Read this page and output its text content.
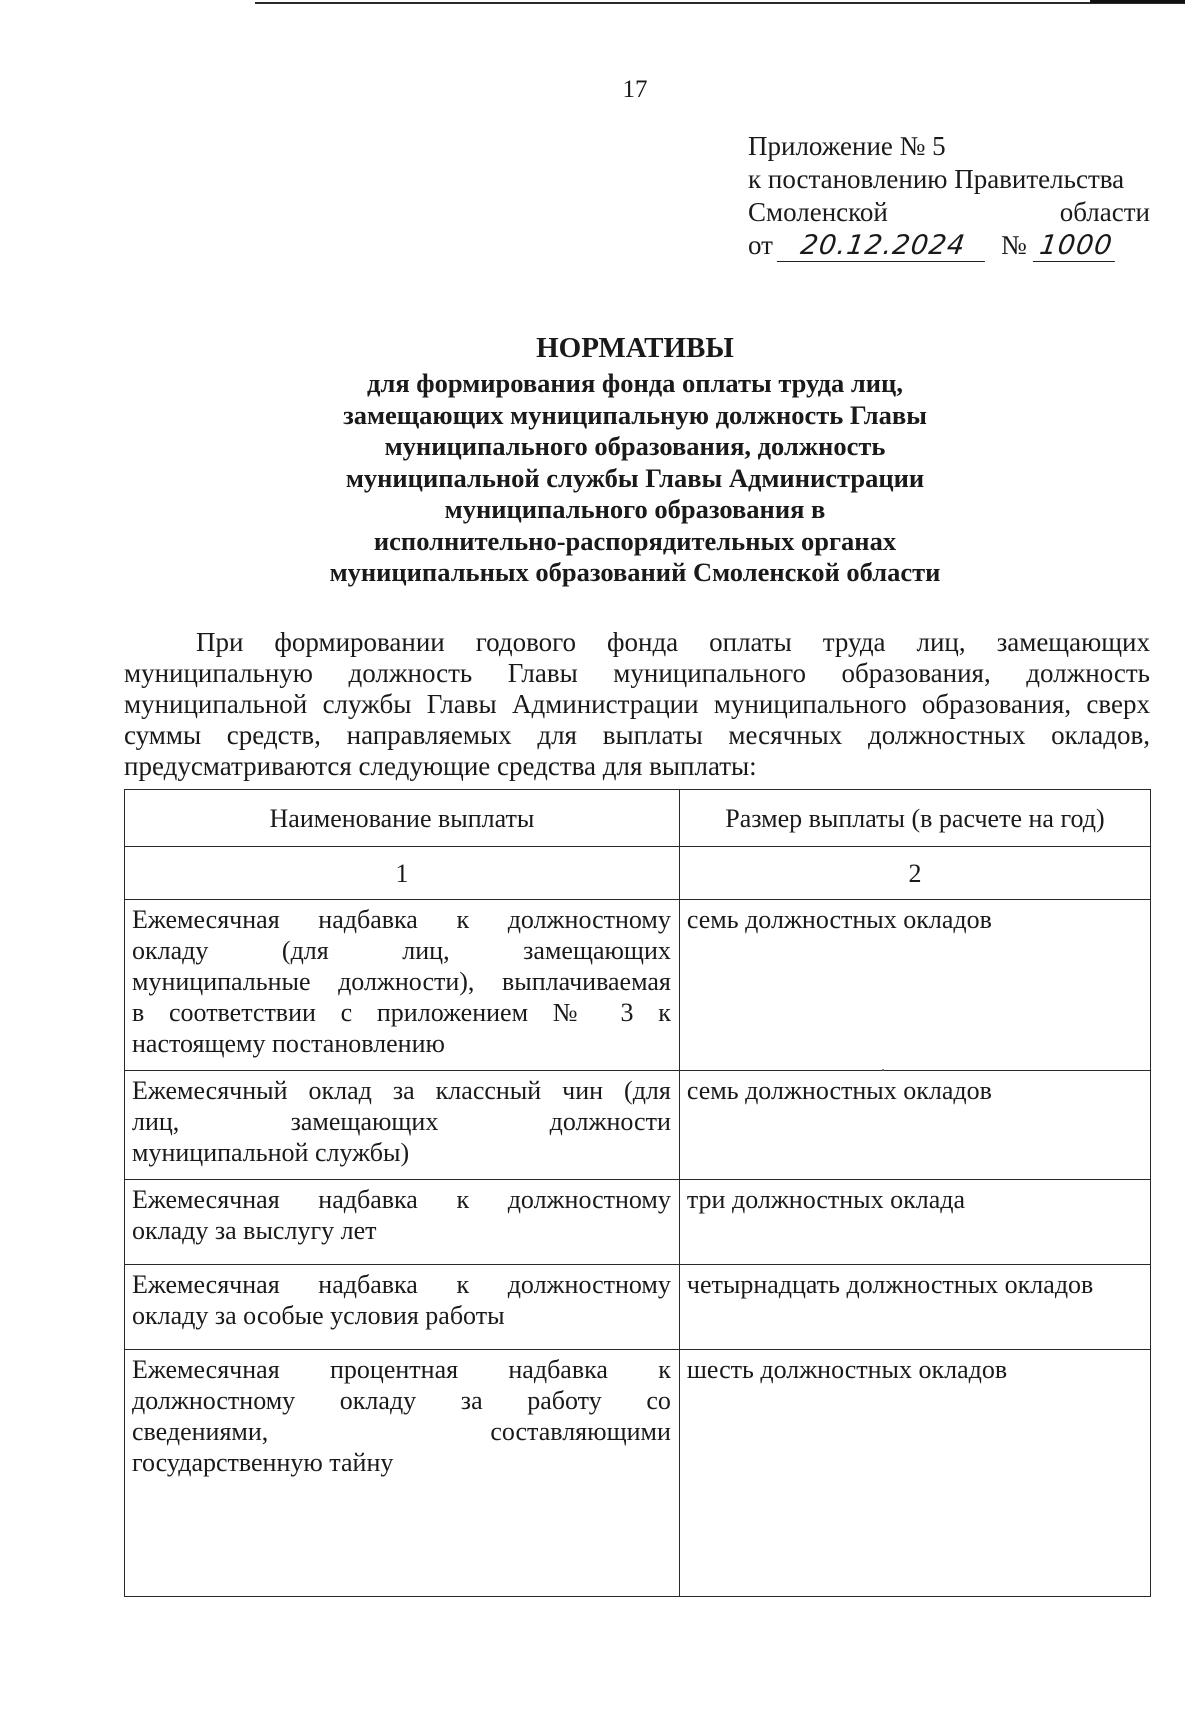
17
Приложение № 5
к постановлению Правительства
Смоленской	области
от 20.12.2024	№ 1000
НОРМАТИВЫ
для формирования фонда оплаты труда лиц,
замещающих муниципальную должность Главы
муниципального образования, должность
муниципальной службы Главы Администрации
муниципального образования в
исполнительно-распорядительных органах
муниципальных образований Смоленской области
При формировании годового фонда оплаты труда лиц, замещающих
муниципальную должность Главы муниципального образования, должность
муниципальной службы Главы Администрации муниципального образования, сверх
суммы средств, направляемых для выплаты месячных должностных окладов,
предусматриваются следующие средства для выплаты:
Наименование выплаты	Размер выплаты (в расчете на год)
1	2

Ежемесячная надбавка к должностному
окладу (для лиц, замещающих
муниципальные должности), выплачиваемая
в соответствии с приложением № 3 к
настоящему постановлению	семь должностных окладов

Ежемесячный оклад за классный чин (для
лиц, замещающих должности
муниципальной службы)	семь должностных окладов

Ежемесячная надбавка к должностному
окладу за выслугу лет	три должностных оклада

Ежемесячная надбавка к должностному
окладу за особые условия работы	четырнадцать должностных окладов

Ежемесячная процентная надбавка к
должностному окладу за работу со
сведениями, составляющими
государственную тайну	шесть должностных окладов
